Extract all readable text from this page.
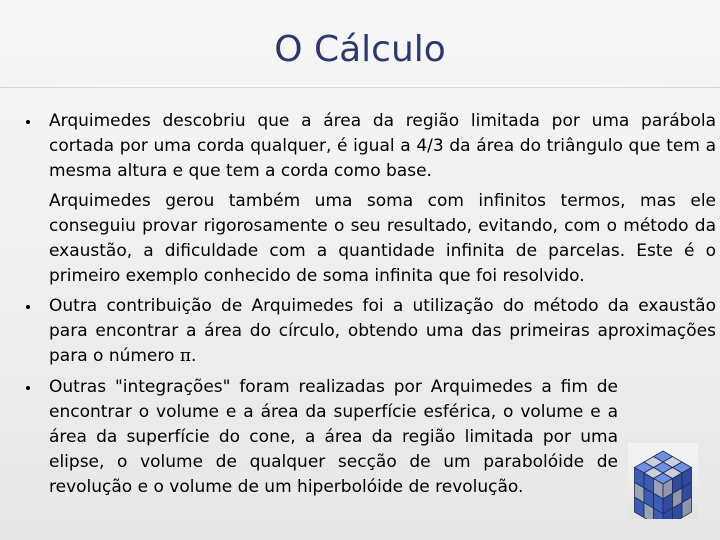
O Cálculo

Arquimedes descobriu que a área da região limitada por uma parábola cortada por uma corda qualquer, é igual a 4/3 da área do triângulo que tem a mesma altura e que tem a corda como base.

Arquimedes gerou também uma soma com infinitos termos, mas ele conseguiu provar rigorosamente o seu resultado, evitando, com o método da exaustão, a dificuldade com a quantidade infinita de parcelas. Este é o primeiro exemplo conhecido de soma infinita que foi resolvido.

Outra contribuição de Arquimedes foi a utilização do método da exaustão para encontrar a área do círculo, obtendo uma das primeiras aproximações para o número π.

Outras "integrações" foram realizadas por Arquimedes a fim de encontrar o volume e a área da superfície esférica, o volume e a área da superfície do cone, a área da região limitada por uma elipse, o volume de qualquer secção de um parabolóide de revolução e o volume de um hiperbolóide de revolução.
